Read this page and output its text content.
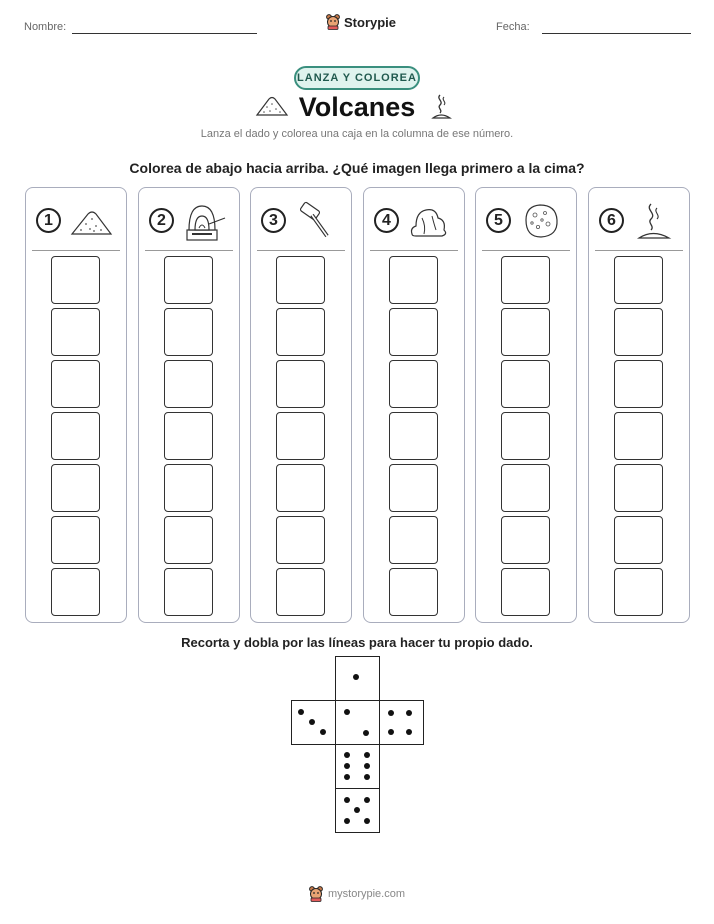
Nombre:	Storypie	Fecha:
LANZA Y COLOREA
Volcanes
Lanza el dado y colorea una caja en la columna de ese número.
Colorea de abajo hacia arriba. ¿Qué imagen llega primero a la cima?
1	2	3	4	5	6
Recorta y dobla por las líneas para hacer tu propio dado.
mystorypie.com
